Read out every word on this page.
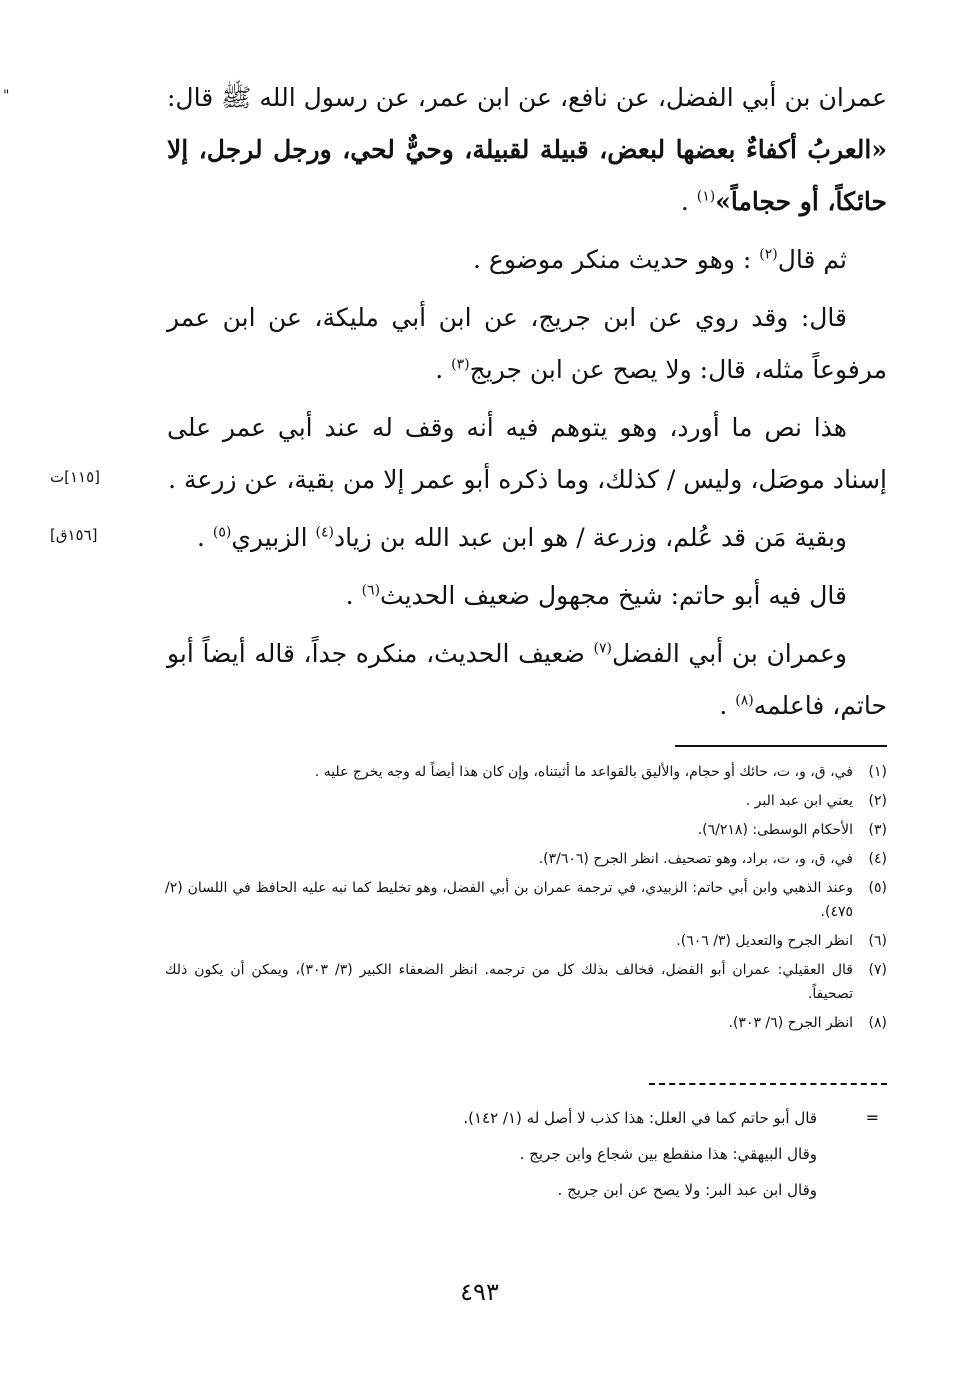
"	عمران بن أبي الفضل، عن نافع، عن ابن عمر، عن رسول الله ﷺ قال: «العربُ أكفاءٌ بعضها لبعض، قبيلة لقبيلة، وحيٌّ لحي، ورجل لرجل، إلا حائكاً، أو حجاماً»$^{(١)}$ .

ثم قال$^{(٢)}$ : وهو حديث منكر موضوع .

قال: وقد روي عن ابن جريج، عن ابن أبي مليكة، عن ابن عمر مرفوعاً مثله، قال: ولا يصح عن ابن جريج$^{(٣)}$ .

هذا نص ما أورد، وهو يتوهم فيه أنه وقف له عند أبي عمر على إسناد موصَل، وليس / كذلك، وما ذكره أبو عمر إلا من بقية، عن زرعة .

وبقية مَن قد عُلم، وزرعة / هو ابن عبد الله بن زياد$^{(٤)}$ الزبيري$^{(٥)}$ .

قال فيه أبو حاتم: شيخ مجهول ضعيف الحديث$^{(٦)}$ .

وعمران بن أبي الفضل$^{(٧)}$ ضعيف الحديث، منكره جداً، قاله أيضاً أبو حاتم، فاعلمه$^{(٨)}$ .

[١١٥]ت
[١٥٦ق]
(١)
في، ق، و، ت، حائك أو حجام، والأليق بالقواعد ما أثبتناه، وإن كان هذا أيضاً له وجه يخرج عليه .
(٢)
يعني ابن عبد البر .
(٣)
الأحكام الوسطى: (٦/٢١٨).
(٤)
في، ق، و، ت، براد، وهو تصحيف. انظر الجرح (٣/٦٠٦).
(٥)
وعند الذهبي وابن أبي حاتم: الزبيدي، في ترجمة عمران بن أبي الفضل، وهو تخليط كما نبه عليه الحافظ في اللسان (٢/ ٤٧٥).
(٦)
انظر الجرح والتعديل (٣/ ٦٠٦).
(٧)
قال العقيلي: عمران أبو الفضل، فخالف بذلك كل من ترجمه. انظر الضعفاء الكبير (٣/ ٣٠٣)، ويمكن أن يكون ذلك تصحيفاً.
(٨)
انظر الجرح (٦/ ٣٠٣).
=
قال أبو حاتم كما في العلل: هذا كذب لا أصل له (١/ ١٤٢).
وقال البيهقي: هذا منقطع بين شجاع وابن جريج .
وقال ابن عبد البر: ولا يصح عن ابن جريج .
٤٩٣
